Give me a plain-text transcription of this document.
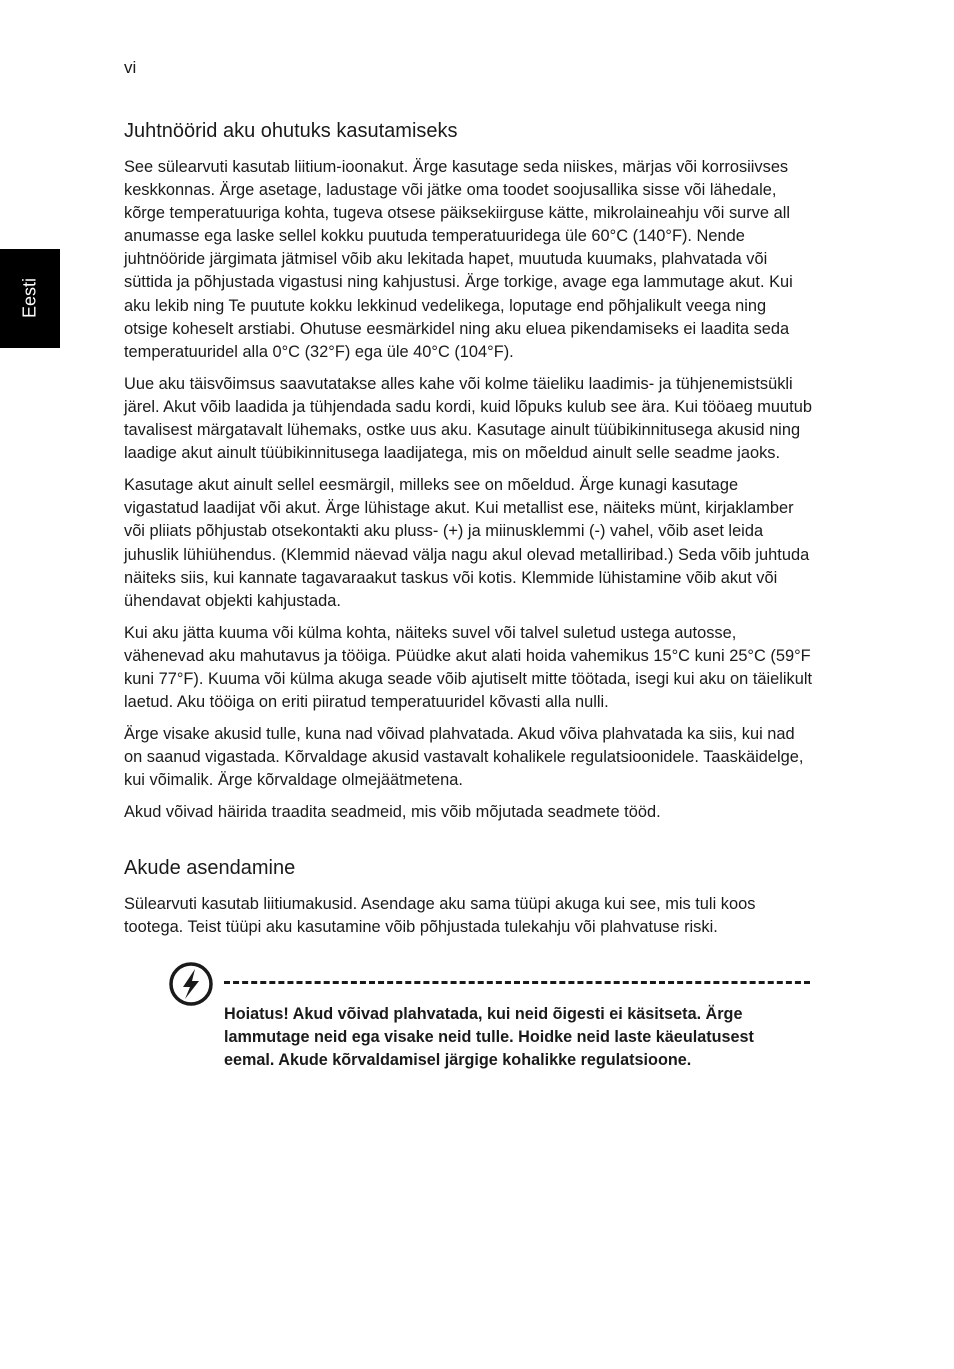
vi
Eesti
Juhtnöörid aku ohutuks kasutamiseks

See sülearvuti kasutab liitium-ioonakut. Ärge kasutage seda niiskes, märjas või korrosiivses keskkonnas. Ärge asetage, ladustage või jätke oma toodet soojusallika sisse või lähedale, kõrge temperatuuriga kohta, tugeva otsese päiksekiirguse kätte, mikrolaineahju või surve all anumasse ega laske sellel kokku puutuda temperatuuridega üle 60°C (140°F). Nende juhtnööride järgimata jätmisel võib aku lekitada hapet, muutuda kuumaks, plahvatada või süttida ja põhjustada vigastusi ning kahjustusi. Ärge torkige, avage ega lammutage akut. Kui aku lekib ning Te puutute kokku lekkinud vedelikega, loputage end põhjalikult veega ning otsige koheselt arstiabi. Ohutuse eesmärkidel ning aku eluea pikendamiseks ei laadita seda temperatuuridel alla 0°C (32°F) ega üle 40°C (104°F).

Uue aku täisvõimsus saavutatakse alles kahe või kolme täieliku laadimis- ja tühjenemistsükli järel. Akut võib laadida ja tühjendada sadu kordi, kuid lõpuks kulub see ära. Kui tööaeg muutub tavalisest märgatavalt lühemaks, ostke uus aku. Kasutage ainult tüübikinnitusega akusid ning laadige akut ainult tüübikinnitusega laadijatega, mis on mõeldud ainult selle seadme jaoks.

Kasutage akut ainult sellel eesmärgil, milleks see on mõeldud. Ärge kunagi kasutage vigastatud laadijat või akut. Ärge lühistage akut. Kui metallist ese, näiteks münt, kirjaklamber või pliiats põhjustab otsekontakti aku pluss- (+) ja miinusklemmi (-) vahel, võib aset leida juhuslik lühiühendus. (Klemmid näevad välja nagu akul olevad metalliribad.) Seda võib juhtuda näiteks siis, kui kannate tagavaraakut taskus või kotis. Klemmide lühistamine võib akut või ühendavat objekti kahjustada.

Kui aku jätta kuuma või külma kohta, näiteks suvel või talvel suletud ustega autosse, vähenevad aku mahutavus ja tööiga. Püüdke akut alati hoida vahemikus 15°C kuni 25°C (59°F kuni 77°F). Kuuma või külma akuga seade võib ajutiselt mitte töötada, isegi kui aku on täielikult laetud. Aku tööiga on eriti piiratud temperatuuridel kõvasti alla nulli.

Ärge visake akusid tulle, kuna nad võivad plahvatada. Akud võiva plahvatada ka siis, kui nad on saanud vigastada. Kõrvaldage akusid vastavalt kohalikele regulatsioonidele. Taaskäidelge, kui võimalik. Ärge kõrvaldage olmejäätmetena.

Akud võivad häirida traadita seadmeid, mis võib mõjutada seadmete tööd.

Akude asendamine

Sülearvuti kasutab liitiumakusid. Asendage aku sama tüüpi akuga kui see, mis tuli koos tootega. Teist tüüpi aku kasutamine võib põhjustada tulekahju või plahvatuse riski.

Hoiatus! Akud võivad plahvatada, kui neid õigesti ei käsitseta. Ärge lammutage neid ega visake neid tulle. Hoidke neid laste käeulatusest eemal. Akude kõrvaldamisel järgige kohalikke regulatsioone.
